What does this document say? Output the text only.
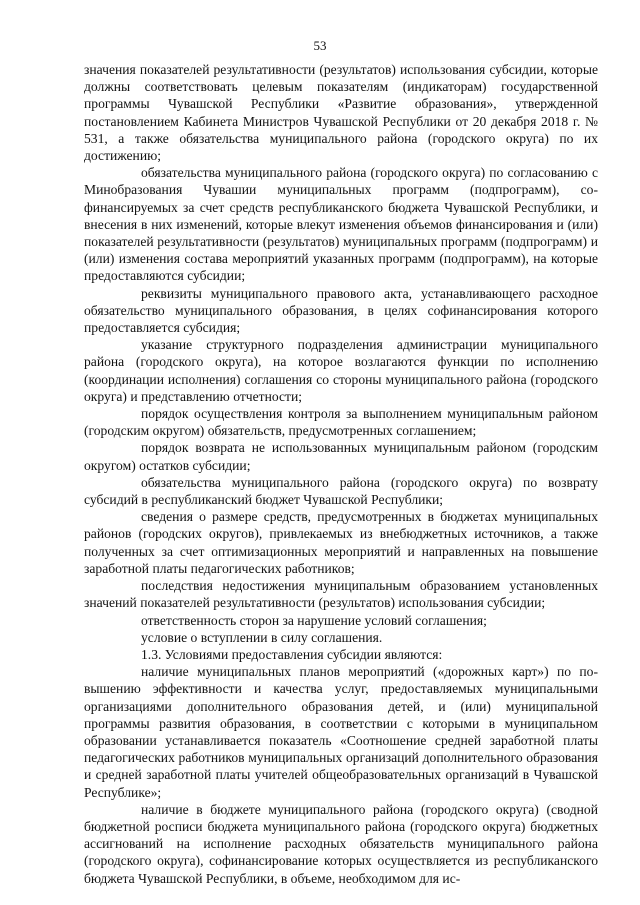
53

значения показателей результативности (результатов) использования субсидии, которые должны соответствовать целевым показателям (индикаторам) государственной программы Чувашской Республики «Развитие образования», утвержденной постановлением Кабинета Министров Чувашской Республики от 20 декабря 2018 г. № 531, а также обязательства муниципального района (городского округа) по их достижению;

обязательства муниципального района (городского округа) по согласованию с Минобразования Чувашии муниципальных программ (подпрограмм), софинансируемых за счет средств республиканского бюджета Чувашской Республики, и внесения в них изменений, которые влекут изменения объемов финансирования и (или) показателей результативности (результатов) муниципальных программ (подпрограмм) и (или) изменения состава мероприятий указанных программ (подпрограмм), на которые предоставляются субсидии;

реквизиты муниципального правового акта, устанавливающего расходное обязательство муниципального образования, в целях софинансирования которого предоставляется субсидия;

указание структурного подразделения администрации муниципального района (городского округа), на которое возлагаются функции по исполнению (координации исполнения) соглашения со стороны муниципального района (городского округа) и представлению отчетности;

порядок осуществления контроля за выполнением муниципальным районом (городским округом) обязательств, предусмотренных соглашением;

порядок возврата не использованных муниципальным районом (городским округом) остатков субсидии;

обязательства муниципального района (городского округа) по возврату субсидий в республиканский бюджет Чувашской Республики;

сведения о размере средств, предусмотренных в бюджетах муниципальных районов (городских округов), привлекаемых из внебюджетных источников, а также полученных за счет оптимизационных мероприятий и направленных на повышение заработной платы педагогических работников;

последствия недостижения муниципальным образованием установленных значений показателей результативности (результатов) использования субсидии;

ответственность сторон за нарушение условий соглашения;

условие о вступлении в силу соглашения.

1.3. Условиями предоставления субсидии являются:

наличие муниципальных планов мероприятий («дорожных карт») по повышению эффективности и качества услуг, предоставляемых муниципальными организациями дополнительного образования детей, и (или) муниципальной программы развития образования, в соответствии с которыми в муниципальном образовании устанавливается показатель «Соотношение средней заработной платы педагогических работников муниципальных организаций дополнительного образования и средней заработной платы учителей общеобразовательных организаций в Чувашской Республике»;

наличие в бюджете муниципального района (городского округа) (сводной бюджетной росписи бюджета муниципального района (городского округа) бюджетных ассигнований на исполнение расходных обязательств муниципального района (городского округа), софинансирование которых осуществляется из республиканского бюджета Чувашской Республики, в объеме, необходимом для ис-
